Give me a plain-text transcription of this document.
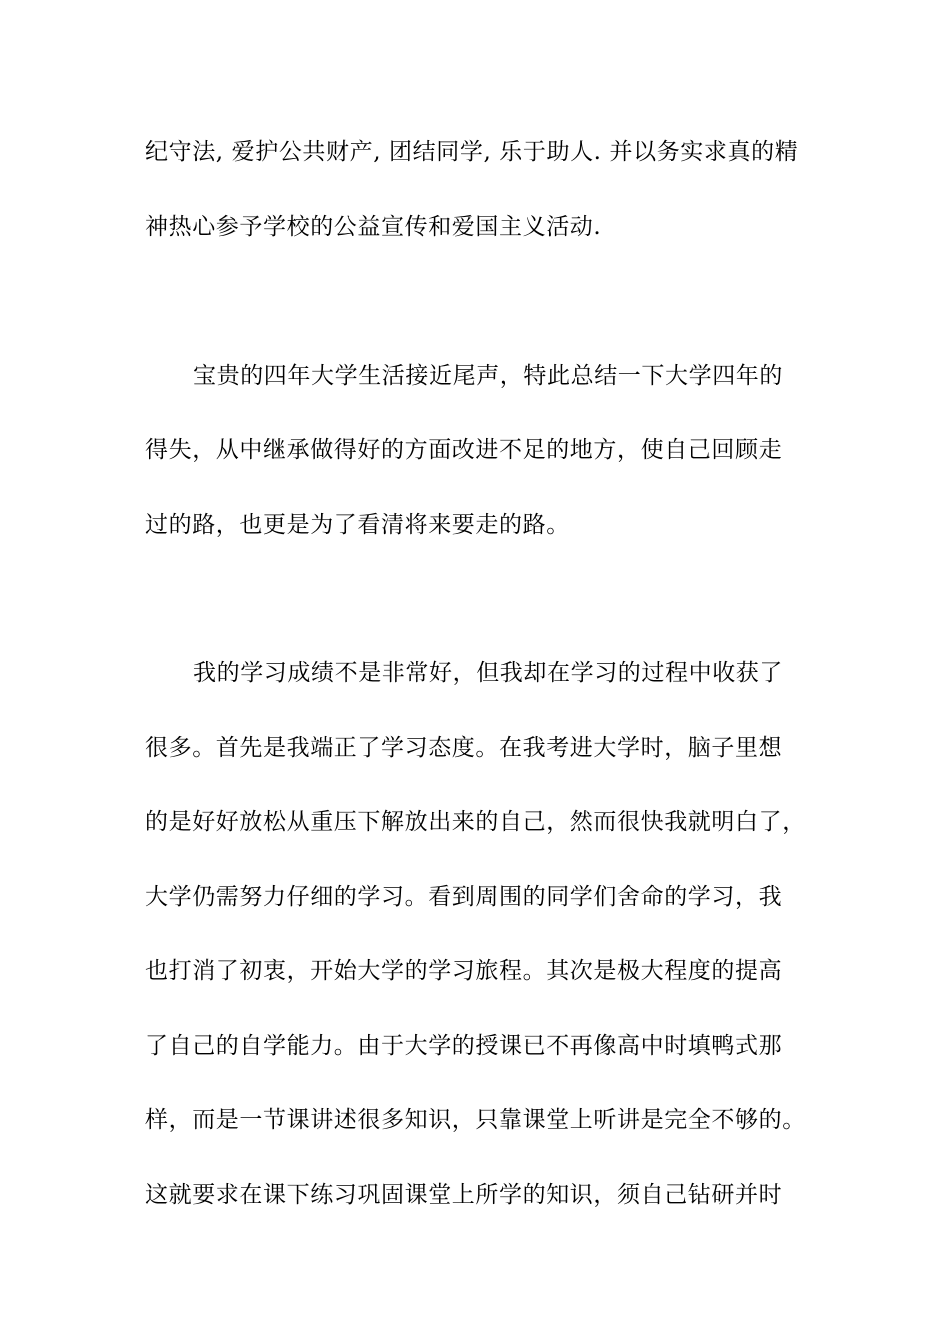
纪守法, 爱护公共财产, 团结同学, 乐于助人. 并以务实求真的精
神热心参予学校的公益宣传和爱国主义活动.
宝贵的四年大学生活接近尾声，特此总结一下大学四年的
得失，从中继承做得好的方面改进不足的地方，使自己回顾走
过的路，也更是为了看清将来要走的路。
我的学习成绩不是非常好，但我却在学习的过程中收获了
很多。首先是我端正了学习态度。在我考进大学时，脑子里想
的是好好放松从重压下解放出来的自己，然而很快我就明白了，
大学仍需努力仔细的学习。看到周围的同学们舍命的学习，我
也打消了初衷，开始大学的学习旅程。其次是极大程度的提高
了自己的自学能力。由于大学的授课已不再像高中时填鸭式那
样，而是一节课讲述很多知识，只靠课堂上听讲是完全不够的。
这就要求在课下练习巩固课堂上所学的知识，须自己钻研并时
